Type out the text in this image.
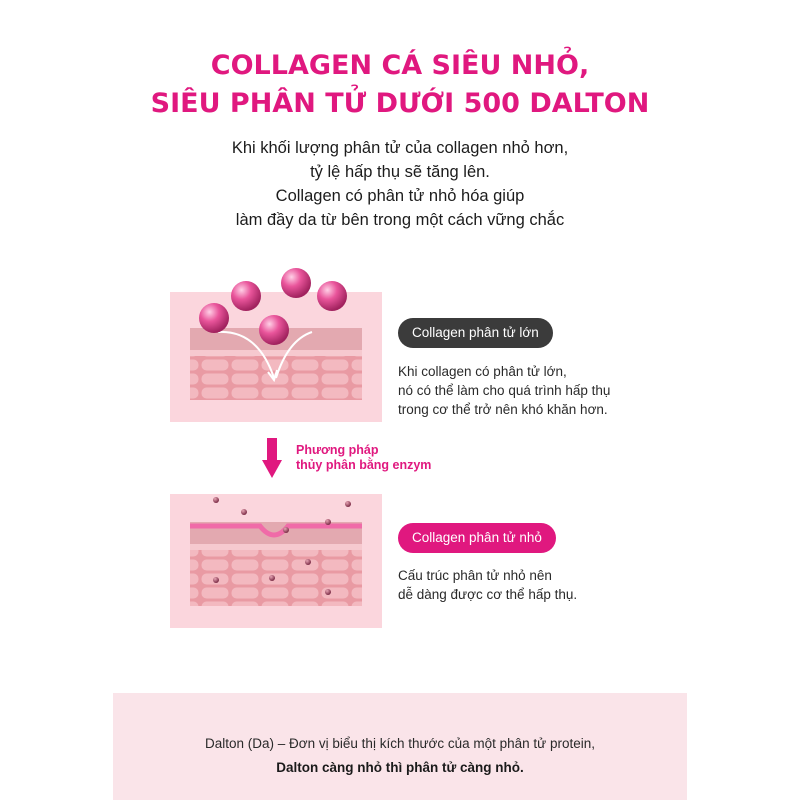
COLLAGEN CÁ SIÊU NHỎ,
SIÊU PHÂN TỬ DƯỚI 500 DALTON
Khi khối lượng phân tử của collagen nhỏ hơn,
tỷ lệ hấp thụ sẽ tăng lên.
Collagen có phân tử nhỏ hóa giúp
làm đầy da từ bên trong một cách vững chắc
Collagen phân tử lớn
Khi collagen có phân tử lớn,
nó có thể làm cho quá trình hấp thụ
trong cơ thể trở nên khó khăn hơn.
Phương pháp
thủy phân bằng enzym
Collagen phân tử nhỏ
Cấu trúc phân tử nhỏ nên
dễ dàng được cơ thể hấp thụ.
Dalton (Da) – Đơn vị biểu thị kích thước của một phân tử protein,
Dalton càng nhỏ thì phân tử càng nhỏ.
